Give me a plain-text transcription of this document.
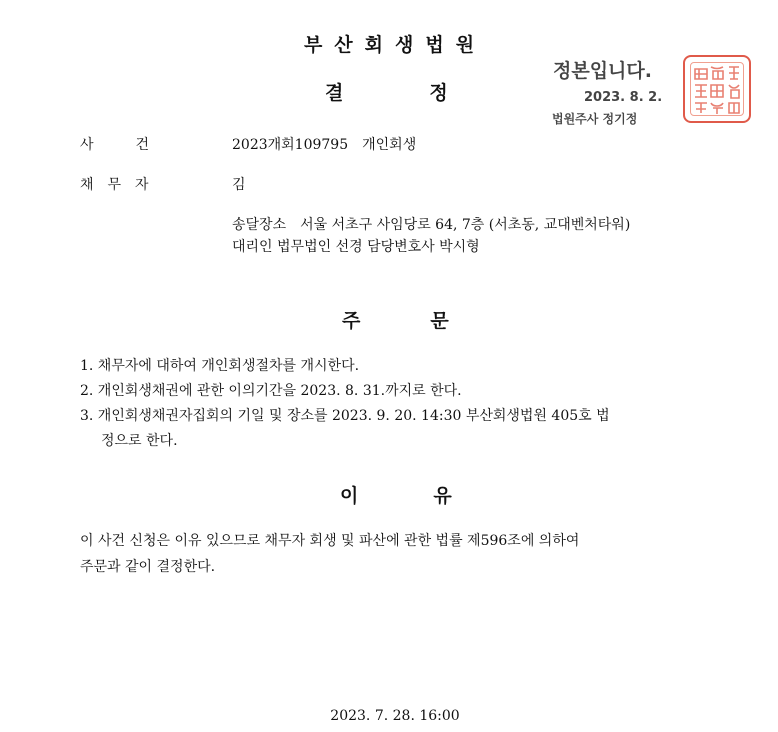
부산회생법원
결	정
정본입니다.
2023. 8. 2.
법원주사 정기정
사　　　건	2023개회109795　개인회생
채　무　자	김
송달장소　서울 서초구 사임당로 64, 7층 (서초동, 교대벤처타워)
대리인 법무법인 선경 담당변호사 박시형
주	문
1. 채무자에 대하여 개인회생절차를 개시한다.
2. 개인회생채권에 관한 이의기간을 2023. 8. 31.까지로 한다.
3. 개인회생채권자집회의 기일 및 장소를 2023. 9. 20. 14:30 부산회생법원 405호 법
정으로 한다.
이	유
이 사건 신청은 이유 있으므로 채무자 회생 및 파산에 관한 법률 제596조에 의하여
주문과 같이 결정한다.
2023. 7. 28. 16:00
